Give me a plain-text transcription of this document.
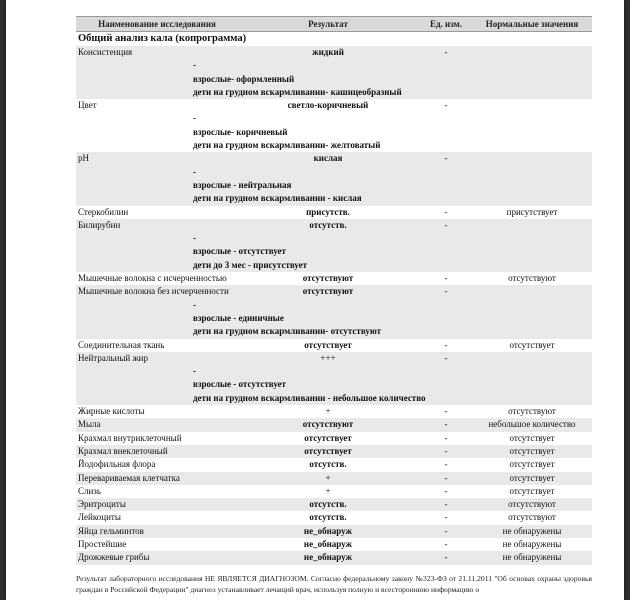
Наименование исследования	Результат	Ед. изм.	Нормальные значения
Общий анализ кала (копрограмма)
Консистенция	жидкий	-
-
взрослые- оформленный
дети на грудном вскармливании- кашицеобразный
Цвет	светло-коричневый	-
-
взрослые- коричневый
дети на грудном вскармливании- желтоватый
pH	кислая	-
-
взрослые - нейтральная
дети на грудном вскармливании - кислая
Стеркобилин	присутств.	-	присутствует
Билирубин	отсутств.	-
-
взрослые - отсутствует
дети до 3 мес - присутствует
Мышечные волокна с исчерченностью	отсутствуют	-	отсутствуют
Мышечные волокна без исчерченности	отсутствуют	-
-
взрослые - единичные
дети на грудном вскармливании- отсутствуют
Соединительная ткань	отсутствует	-	отсутствует
Нейтральный жир	+++	-
-
взрослые - отсутствует
дети на грудном вскармливании - небольшое количество
Жирные кислоты	+	-	отсутствуют
Мыла	отсутствуют	-	небольшое количество
Крахмал внутриклеточный	отсутствует	-	отсутствует
Крахмал внеклеточный	отсутствует	-	отсутствует
Йодофильная флора	отсутств.	-	отсутствует
Перевариваемая клетчатка	+	-	отсутствует
Слизь	+	-	отсутствует
Эритроциты	отсутств.	-	отсутствуют
Лейкоциты	отсутств.	-	отсутствуют
Яйца гельминтов	не_обнаруж	-	не обнаружены
Простейшие	не_обнаруж	-	не обнаружены
Дрожжевые грибы	не_обнаруж	-	не обнаружены
Результат лабораторного исследования НЕ ЯВЛЯЕТСЯ ДИАГНОЗОМ. Согласно федеральному закону №323-ФЗ от 21.11.2011 "Об основах охраны здоровья граждан в Российской Федерации" диагноз устанавливает лечащий врач, используя полную и всестороннюю информацию о
